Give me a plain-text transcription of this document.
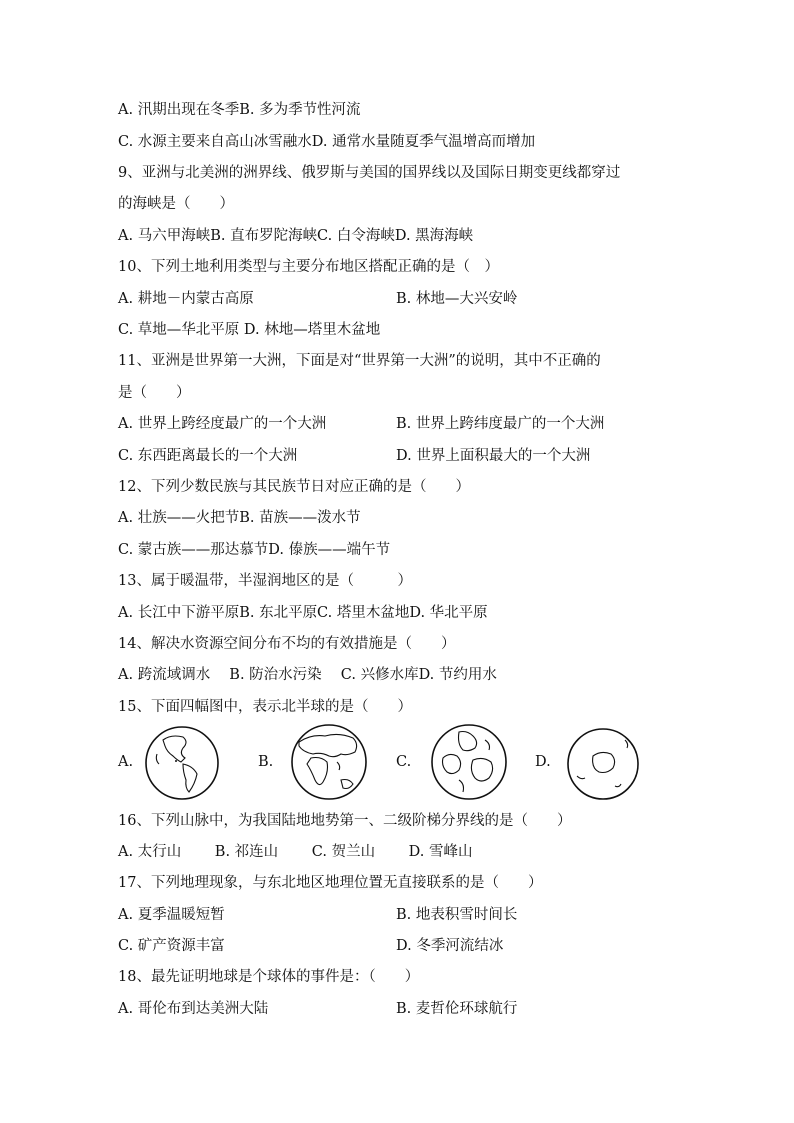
A. 汛期出现在冬季B. 多为季节性河流
C. 水源主要来自高山冰雪融水D. 通常水量随夏季气温增高而增加
9、亚洲与北美洲的洲界线、俄罗斯与美国的国界线以及国际日期变更线都穿过
的海峡是（　　）
A. 马六甲海峡B. 直布罗陀海峡C. 白令海峡D. 黑海海峡
10、下列土地利用类型与主要分布地区搭配正确的是（　）
A. 耕地－内蒙古高原	B. 林地—大兴安岭
C. 草地—华北平原 D. 林地—塔里木盆地
11、亚洲是世界第一大洲，下面是对“世界第一大洲”的说明，其中不正确的
是（　　）
A. 世界上跨经度最广的一个大洲	B. 世界上跨纬度最广的一个大洲
C. 东西距离最长的一个大洲	D. 世界上面积最大的一个大洲
12、下列少数民族与其民族节日对应正确的是（　　）
A. 壮族——火把节B. 苗族——泼水节
C. 蒙古族——那达慕节D. 傣族——端午节
13、属于暖温带，半湿润地区的是（　　　）
A. 长江中下游平原B. 东北平原C. 塔里木盆地D. 华北平原
14、解决水资源空间分布不均的有效措施是（　　）
A. 跨流域调水　 B. 防治水污染　 C. 兴修水库D. 节约用水
15、下面四幅图中，表示北半球的是（　　）
A.	B.	C.	D.
16、下列山脉中，为我国陆地地势第一、二级阶梯分界线的是（　　）
A. 太行山　　 B. 祁连山　　 C. 贺兰山　　 D. 雪峰山
17、下列地理现象，与东北地区地理位置无直接联系的是（　　）
A. 夏季温暖短暂	B. 地表积雪时间长
C. 矿产资源丰富	D. 冬季河流结冰
18、最先证明地球是个球体的事件是：（　　）
A. 哥伦布到达美洲大陆	B. 麦哲伦环球航行
